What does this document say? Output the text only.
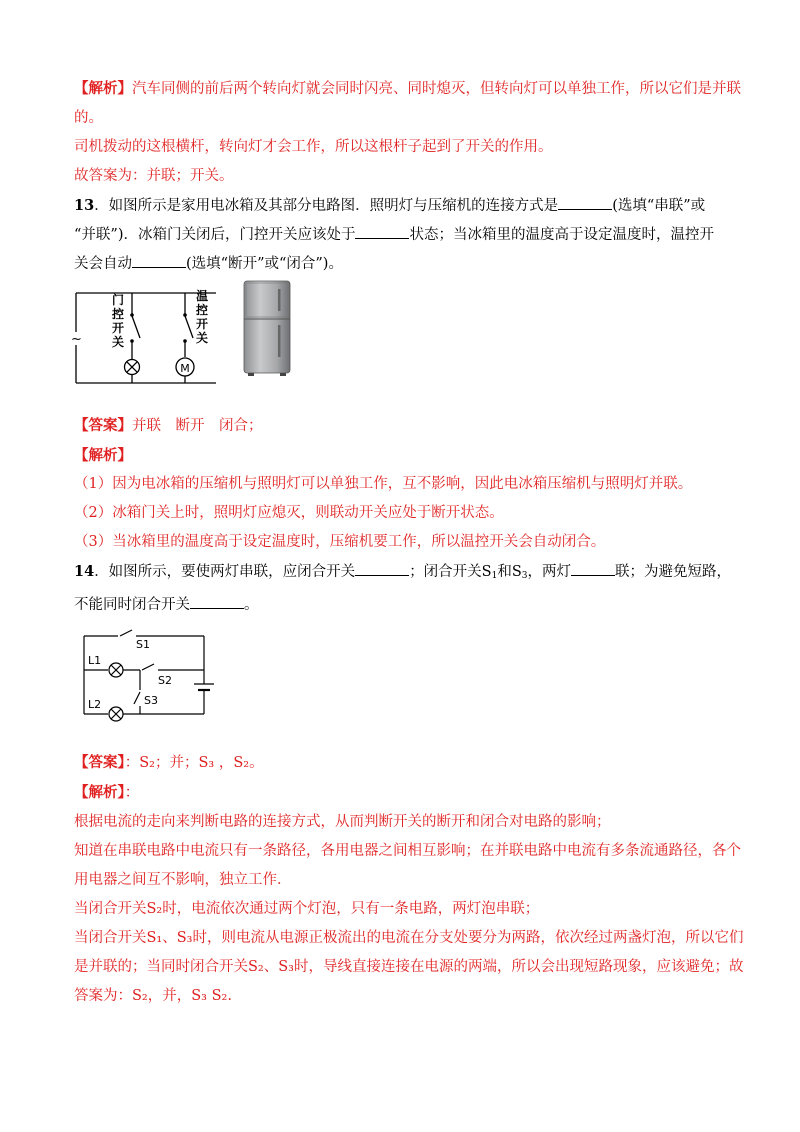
【解析】汽车同侧的前后两个转向灯就会同时闪亮、同时熄灭，但转向灯可以单独工作，所以它们是并联
的。
司机拨动的这根横杆，转向灯才会工作，所以这根杆子起到了开关的作用。
故答案为：并联；开关。
13．如图所示是家用电冰箱及其部分电路图．照明灯与压缩机的连接方式是	(选填“串联”或
“并联”)．冰箱门关闭后，门控开关应该处于	状态；当冰箱里的温度高于设定温度时，温控开
关会自动	(选填“断开”或“闭合”)。
~
M
门控开关
温控开关
【答案】并联　断开　闭合；
【解析】
（1）因为电冰箱的压缩机与照明灯可以单独工作，互不影响，因此电冰箱压缩机与照明灯并联。
（2）冰箱门关上时，照明灯应熄灭，则联动开关应处于断开状态。
（3）当冰箱里的温度高于设定温度时，压缩机要工作，所以温控开关会自动闭合。
14．如图所示，要使两灯串联，应闭合开关	；闭合开关$S_1$和$S_3$，两灯	联；为避免短路，
不能同时闭合开关	。
S1
S2
S3
L1
L2
【答案】：S₂；并；S₃ ，S₂。
【解析】：
根据电流的走向来判断电路的连接方式，从而判断开关的断开和闭合对电路的影响；
知道在串联电路中电流只有一条路径，各用电器之间相互影响；在并联电路中电流有多条流通路径，各个
用电器之间互不影响，独立工作．
当闭合开关S₂时，电流依次通过两个灯泡，只有一条电路，两灯泡串联；
当闭合开关S₁、S₃时，则电流从电源正极流出的电流在分支处要分为两路，依次经过两盏灯泡，所以它们
是并联的；当同时闭合开关S₂、S₃时，导线直接连接在电源的两端，所以会出现短路现象，应该避免；故
答案为：S₂，并，S₃ S₂.
